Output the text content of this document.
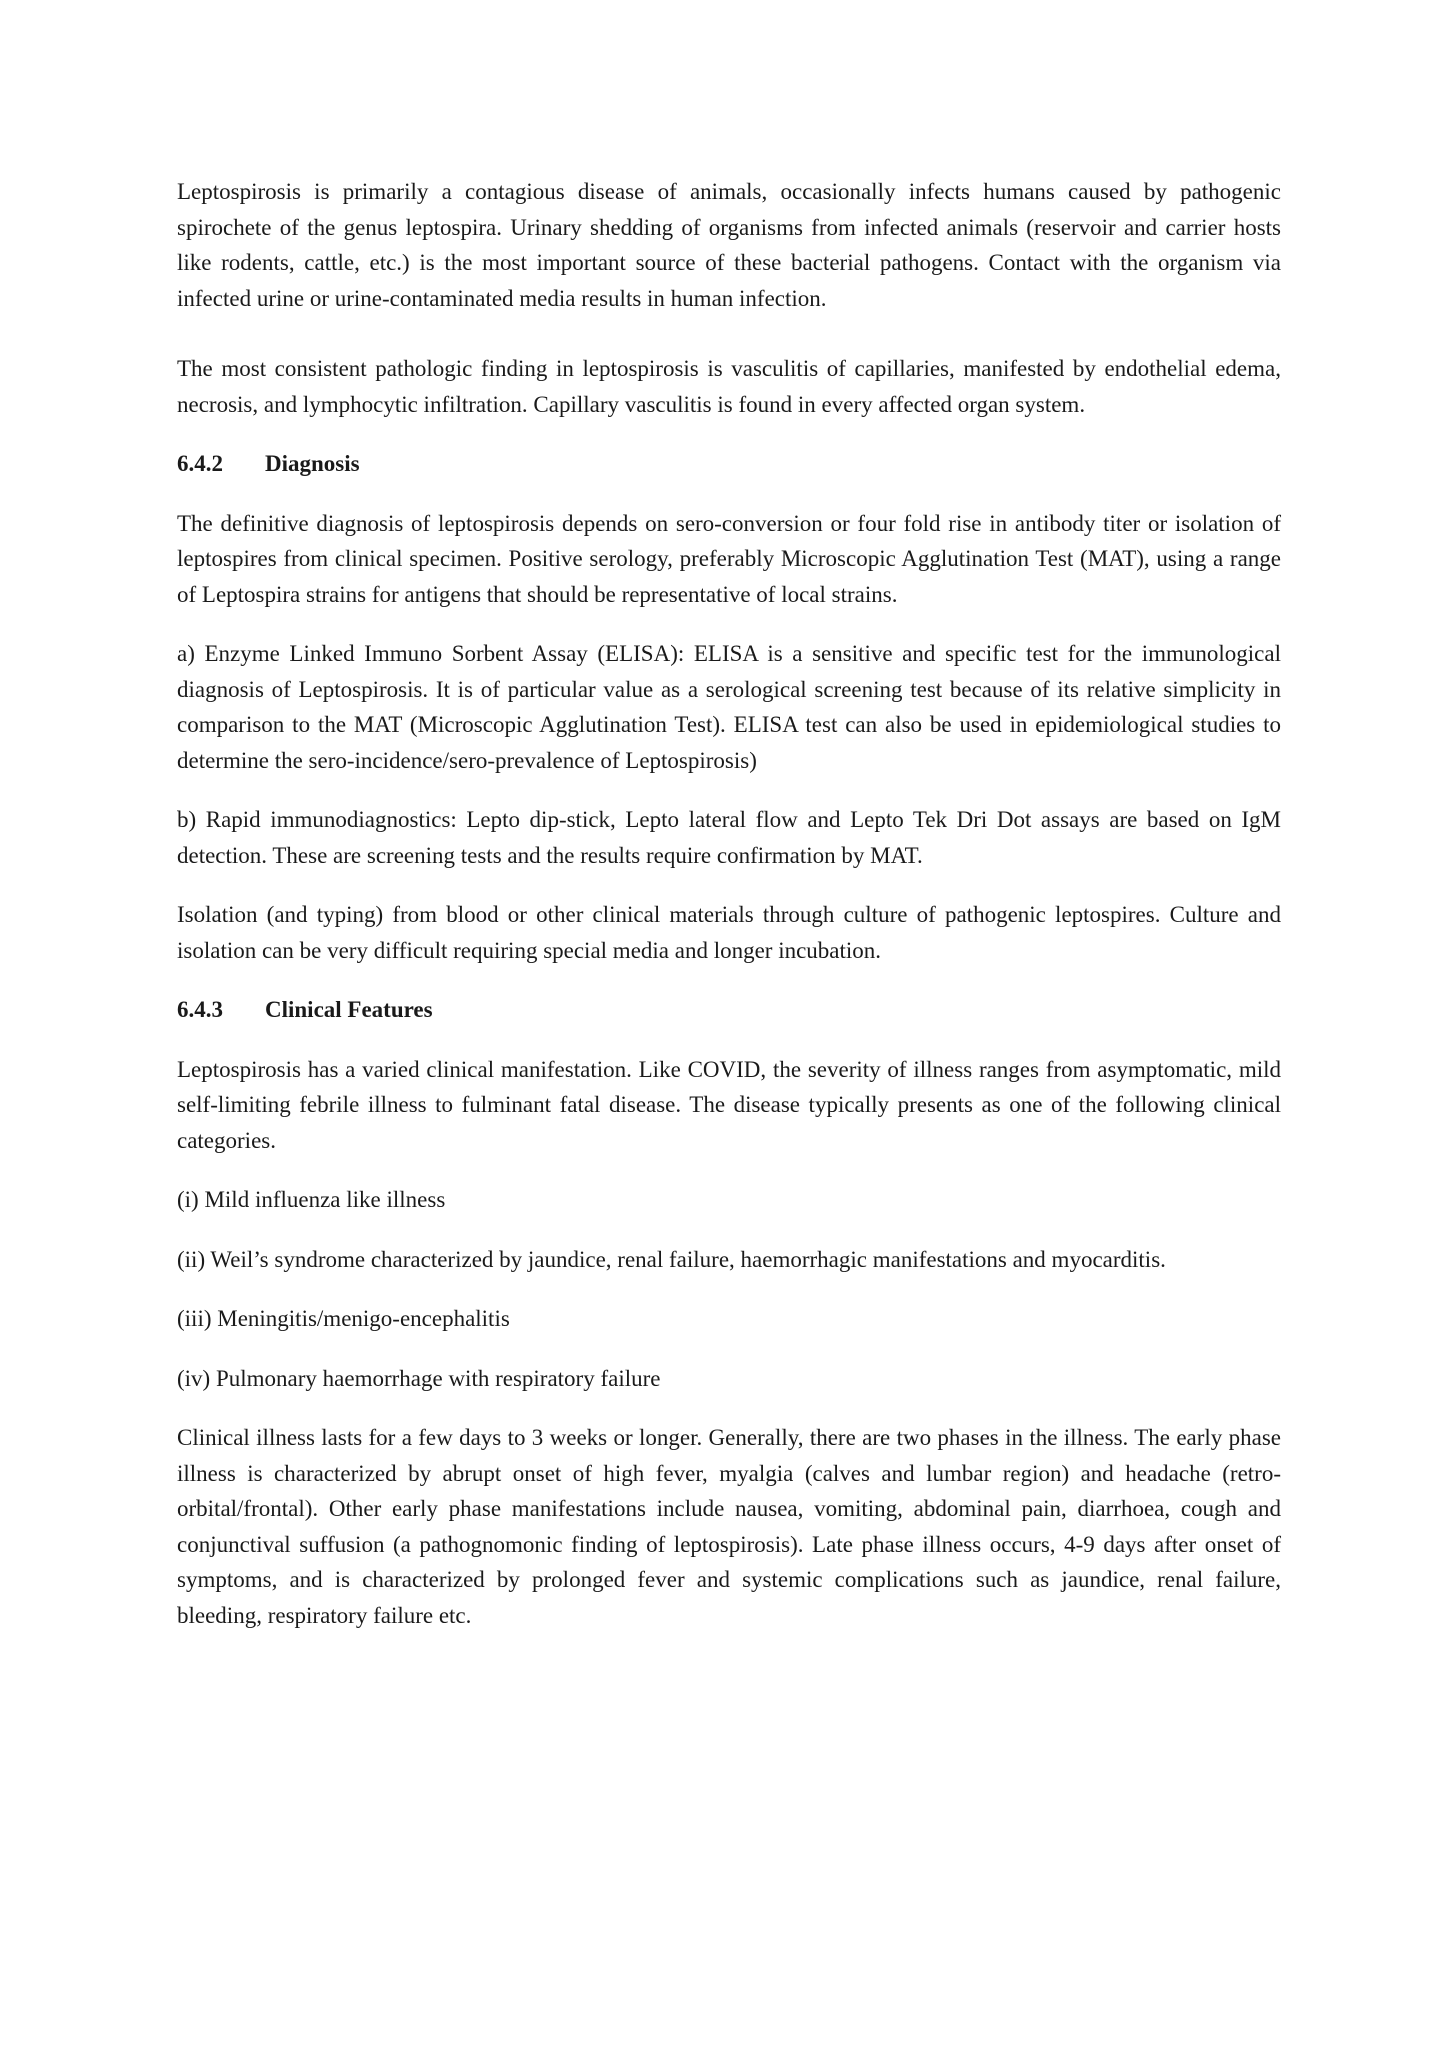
Leptospirosis is primarily a contagious disease of animals, occasionally infects humans caused by pathogenic spirochete of the genus leptospira. Urinary shedding of organisms from infected animals (reservoir and carrier hosts like rodents, cattle, etc.) is the most important source of these bacterial pathogens. Contact with the organism via infected urine or urine-contaminated media results in human infection.

The most consistent pathologic finding in leptospirosis is vasculitis of capillaries, manifested by endothelial edema, necrosis, and lymphocytic infiltration. Capillary vasculitis is found in every affected organ system.

6.4.2	Diagnosis

The definitive diagnosis of leptospirosis depends on sero-conversion or four fold rise in antibody titer or isolation of leptospires from clinical specimen. Positive serology, preferably Microscopic Agglutination Test (MAT), using a range of Leptospira strains for antigens that should be representative of local strains.

a) Enzyme Linked Immuno Sorbent Assay (ELISA): ELISA is a sensitive and specific test for the immunological diagnosis of Leptospirosis. It is of particular value as a serological screening test because of its relative simplicity in comparison to the MAT (Microscopic Agglutination Test). ELISA test can also be used in epidemiological studies to determine the sero-incidence/sero-prevalence of Leptospirosis)

b) Rapid immunodiagnostics: Lepto dip-stick, Lepto lateral flow and Lepto Tek Dri Dot assays are based on IgM detection. These are screening tests and the results require confirmation by MAT.

Isolation (and typing) from blood or other clinical materials through culture of pathogenic leptospires. Culture and isolation can be very difficult requiring special media and longer incubation.

6.4.3	Clinical Features

Leptospirosis has a varied clinical manifestation. Like COVID, the severity of illness ranges from asymptomatic, mild self-limiting febrile illness to fulminant fatal disease. The disease typically presents as one of the following clinical categories.

(i) Mild influenza like illness

(ii) Weil’s syndrome characterized by jaundice, renal failure, haemorrhagic manifestations and myocarditis.

(iii) Meningitis/menigo-encephalitis

(iv) Pulmonary haemorrhage with respiratory failure

Clinical illness lasts for a few days to 3 weeks or longer. Generally, there are two phases in the illness. The early phase illness is characterized by abrupt onset of high fever, myalgia (calves and lumbar region) and headache (retro-orbital/frontal). Other early phase manifestations include nausea, vomiting, abdominal pain, diarrhoea, cough and conjunctival suffusion (a pathognomonic finding of leptospirosis). Late phase illness occurs, 4-9 days after onset of symptoms, and is characterized by prolonged fever and systemic complications such as jaundice, renal failure, bleeding, respiratory failure etc.
